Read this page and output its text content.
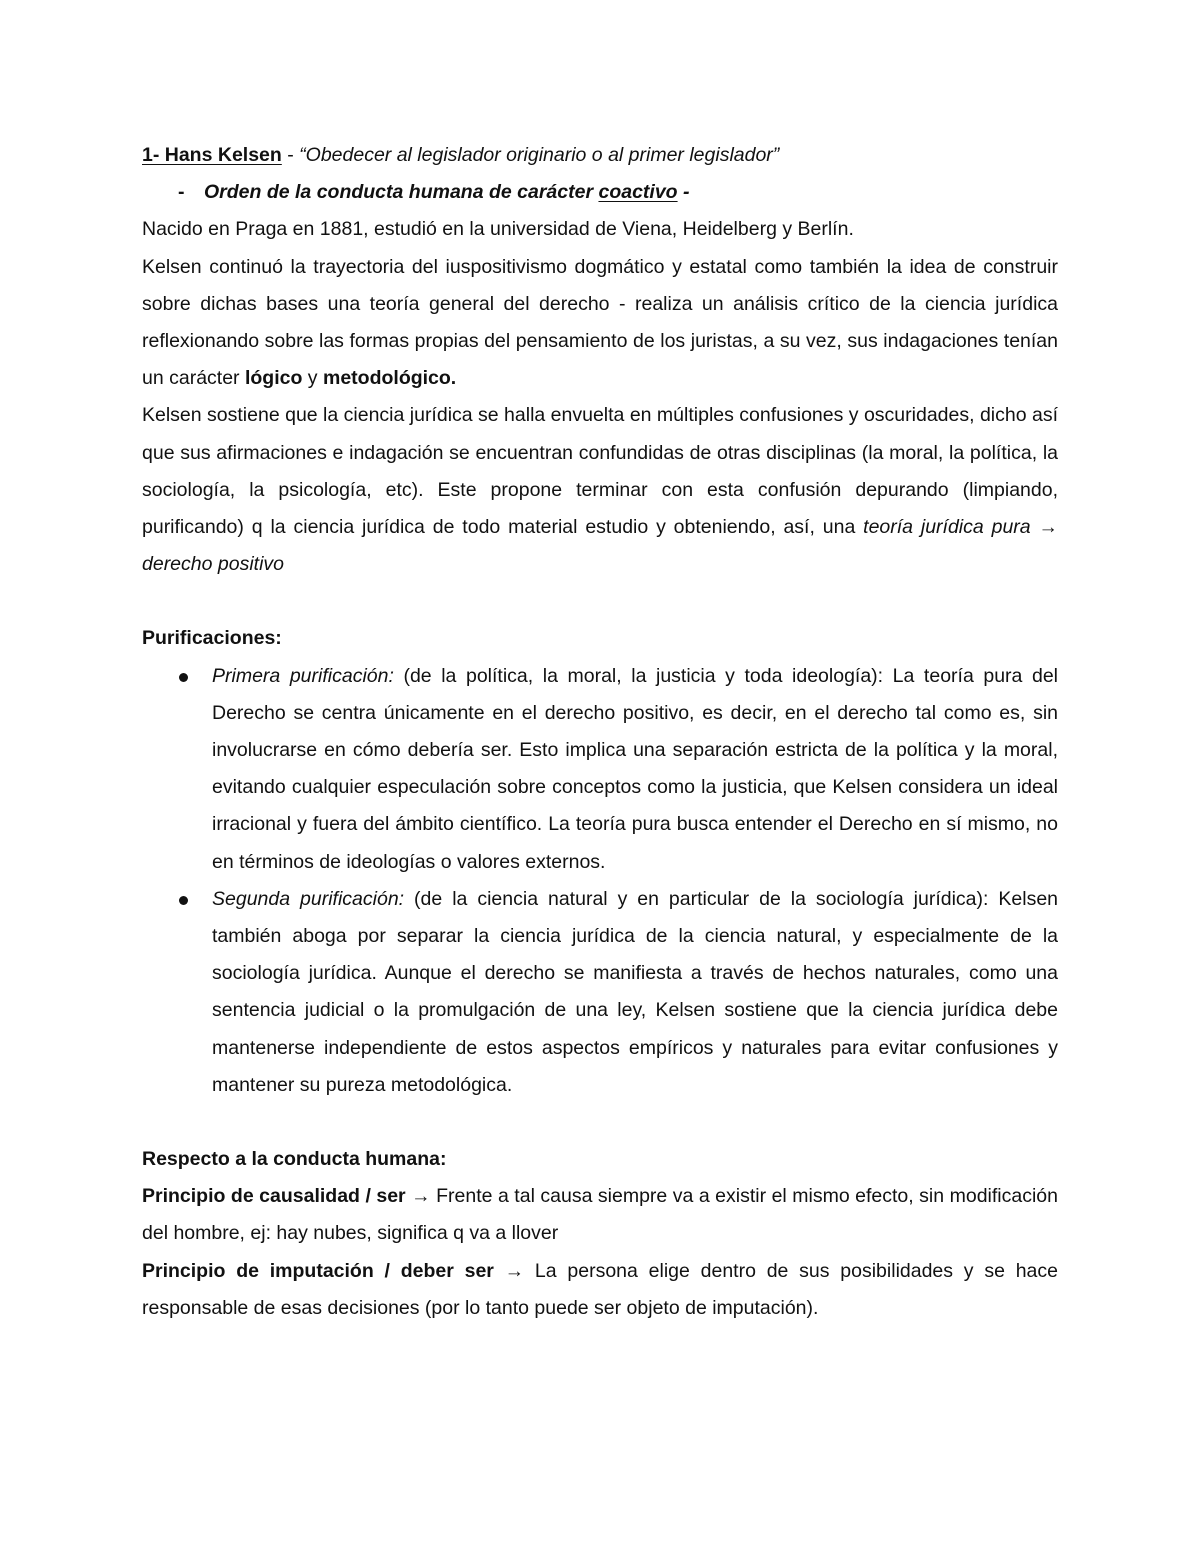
1- Hans Kelsen - “Obedecer al legislador originario o al primer legislador”

-	Orden de la conducta humana de carácter coactivo -

Nacido en Praga en 1881, estudió en la universidad de Viena, Heidelberg y Berlín.

Kelsen continuó la trayectoria del iuspositivismo dogmático y estatal como también la idea de construir sobre dichas bases una teoría general del derecho - realiza un análisis crítico de la ciencia jurídica reflexionando sobre las formas propias del pensamiento de los juristas, a su vez, sus indagaciones tenían un carácter lógico y metodológico.

Kelsen sostiene que la ciencia jurídica se halla envuelta en múltiples confusiones y oscuridades, dicho así que sus afirmaciones e indagación se encuentran confundidas de otras disciplinas (la moral, la política, la sociología, la psicología, etc). Este propone terminar con esta confusión depurando (limpiando, purificando) q la ciencia jurídica de todo material estudio y obteniendo, así, una teoría jurídica pura → derecho positivo

Purificaciones:

Primera purificación: (de la política, la moral, la justicia y toda ideología): La teoría pura del Derecho se centra únicamente en el derecho positivo, es decir, en el derecho tal como es, sin involucrarse en cómo debería ser. Esto implica una separación estricta de la política y la moral, evitando cualquier especulación sobre conceptos como la justicia, que Kelsen considera un ideal irracional y fuera del ámbito científico. La teoría pura busca entender el Derecho en sí mismo, no en términos de ideologías o valores externos.
Segunda purificación: (de la ciencia natural y en particular de la sociología jurídica): Kelsen también aboga por separar la ciencia jurídica de la ciencia natural, y especialmente de la sociología jurídica. Aunque el derecho se manifiesta a través de hechos naturales, como una sentencia judicial o la promulgación de una ley, Kelsen sostiene que la ciencia jurídica debe mantenerse independiente de estos aspectos empíricos y naturales para evitar confusiones y mantener su pureza metodológica.

Respecto a la conducta humana:

Principio de causalidad / ser → Frente a tal causa siempre va a existir el mismo efecto, sin modificación del hombre, ej: hay nubes, significa q va a llover

Principio de imputación / deber ser → La persona elige dentro de sus posibilidades y se hace responsable de esas decisiones (por lo tanto puede ser objeto de imputación).
